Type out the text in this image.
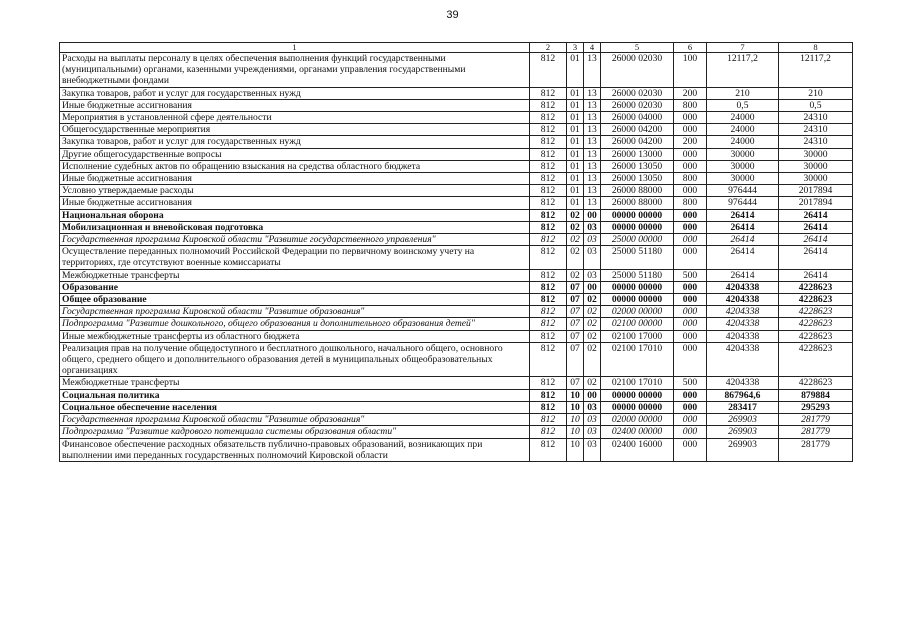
39
1	2	3	4	5	6	7	8
Расходы на выплаты персоналу в целях обеспечения выполнения функций государственными (муниципальными) органами, казенными учреждениями, органами управления государственными внебюджетными фондами	812	01	13	26000 02030	100	12117,2	12117,2
Закупка товаров, работ и услуг для государственных нужд	812	01	13	26000 02030	200	210	210
Иные бюджетные ассигнования	812	01	13	26000 02030	800	0,5	0,5
Мероприятия в установленной сфере деятельности	812	01	13	26000 04000	000	24000	24310
Общегосударственные мероприятия	812	01	13	26000 04200	000	24000	24310
Закупка товаров, работ и услуг для государственных нужд	812	01	13	26000 04200	200	24000	24310
Другие общегосударственные вопросы	812	01	13	26000 13000	000	30000	30000
Исполнение судебных актов по обращению взыскания на средства областного бюджета	812	01	13	26000 13050	000	30000	30000
Иные бюджетные ассигнования	812	01	13	26000 13050	800	30000	30000
Условно утверждаемые расходы	812	01	13	26000 88000	000	976444	2017894
Иные бюджетные ассигнования	812	01	13	26000 88000	800	976444	2017894
Национальная оборона	812	02	00	00000 00000	000	26414	26414
Мобилизационная и вневойсковая подготовка	812	02	03	00000 00000	000	26414	26414
Государственная программа Кировской области "Развитие государственного управления"	812	02	03	25000 00000	000	26414	26414
Осуществление переданных полномочий Российской Федерации по первичному воинскому учету на территориях, где отсутствуют военные комиссариаты	812	02	03	25000 51180	000	26414	26414
Межбюджетные трансферты	812	02	03	25000 51180	500	26414	26414
Образование	812	07	00	00000 00000	000	4204338	4228623
Общее образование	812	07	02	00000 00000	000	4204338	4228623
Государственная программа Кировской области "Развитие образования"	812	07	02	02000 00000	000	4204338	4228623
Подпрограмма "Развитие дошкольного, общего образования и дополнительного образования детей"	812	07	02	02100 00000	000	4204338	4228623
Иные межбюджетные трансферты из областного бюджета	812	07	02	02100 17000	000	4204338	4228623
Реализация прав на получение общедоступного и бесплатного дошкольного, начального общего, основного общего, среднего общего и дополнительного образования детей в муниципальных общеобразовательных организациях	812	07	02	02100 17010	000	4204338	4228623
Межбюджетные трансферты	812	07	02	02100 17010	500	4204338	4228623
Социальная политика	812	10	00	00000 00000	000	867964,6	879884
Социальное обеспечение населения	812	10	03	00000 00000	000	283417	295293
Государственная программа Кировской области "Развитие образования"	812	10	03	02000 00000	000	269903	281779
Подпрограмма "Развитие кадрового потенциала системы образования области"	812	10	03	02400 00000	000	269903	281779
Финансовое обеспечение расходных обязательств публично-правовых образований, возникающих при выполнении ими переданных государственных полномочий Кировской области	812	10	03	02400 16000	000	269903	281779
